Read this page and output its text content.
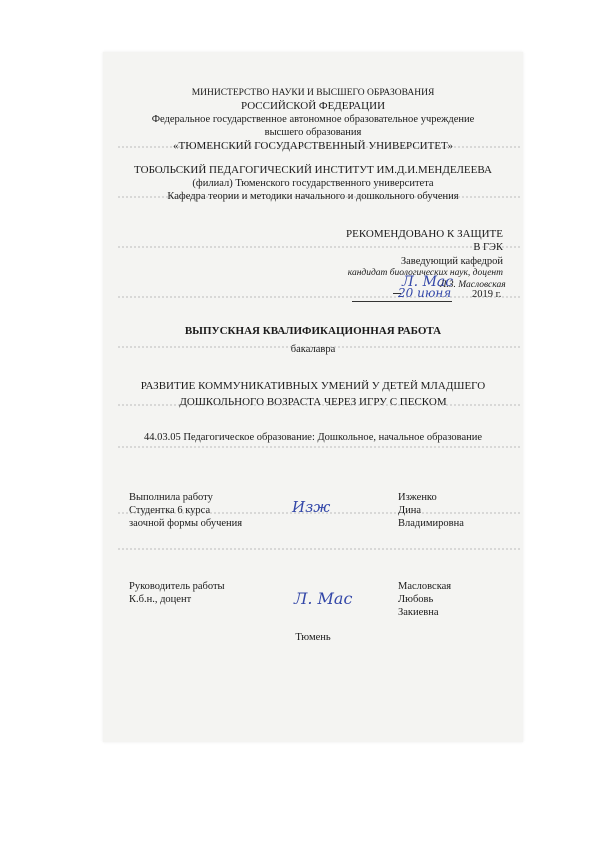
МИНИСТЕРСТВО НАУКИ И ВЫСШЕГО ОБРАЗОВАНИЯ
РОССИЙСКОЙ ФЕДЕРАЦИИ
Федеральное государственное автономное образовательное учреждение
высшего образования
«ТЮМЕНСКИЙ ГОСУДАРСТВЕННЫЙ УНИВЕРСИТЕТ»
ТОБОЛЬСКИЙ ПЕДАГОГИЧЕСКИЙ ИНСТИТУТ ИМ.Д.И.МЕНДЕЛЕЕВА
(филиал) Тюменского государственного университета
Кафедра теории и методики начального и дошкольного обучения
РЕКОМЕНДОВАНО К ЗАЩИТЕ
В ГЭК
Заведующий кафедрой
кандидат биологических наук, доцент
Л. Мас
Л.З. Масловская
20 июня 2019 г.
ВЫПУСКНАЯ КВАЛИФИКАЦИОННАЯ РАБОТА
бакалавра
РАЗВИТИЕ КОММУНИКАТИВНЫХ УМЕНИЙ У ДЕТЕЙ МЛАДШЕГО
ДОШКОЛЬНОГО ВОЗРАСТА ЧЕРЕЗ ИГРУ С ПЕСКОМ
44.03.05 Педагогическое образование: Дошкольное, начальное образование
Выполнила работу
Студентка 6 курса
заочной формы обучения
Изж
Изженко
Дина
Владимировна
Руководитель работы
К.б.н., доцент	Л. Мас
Масловская
Любовь
Закиевна
Тюмень
